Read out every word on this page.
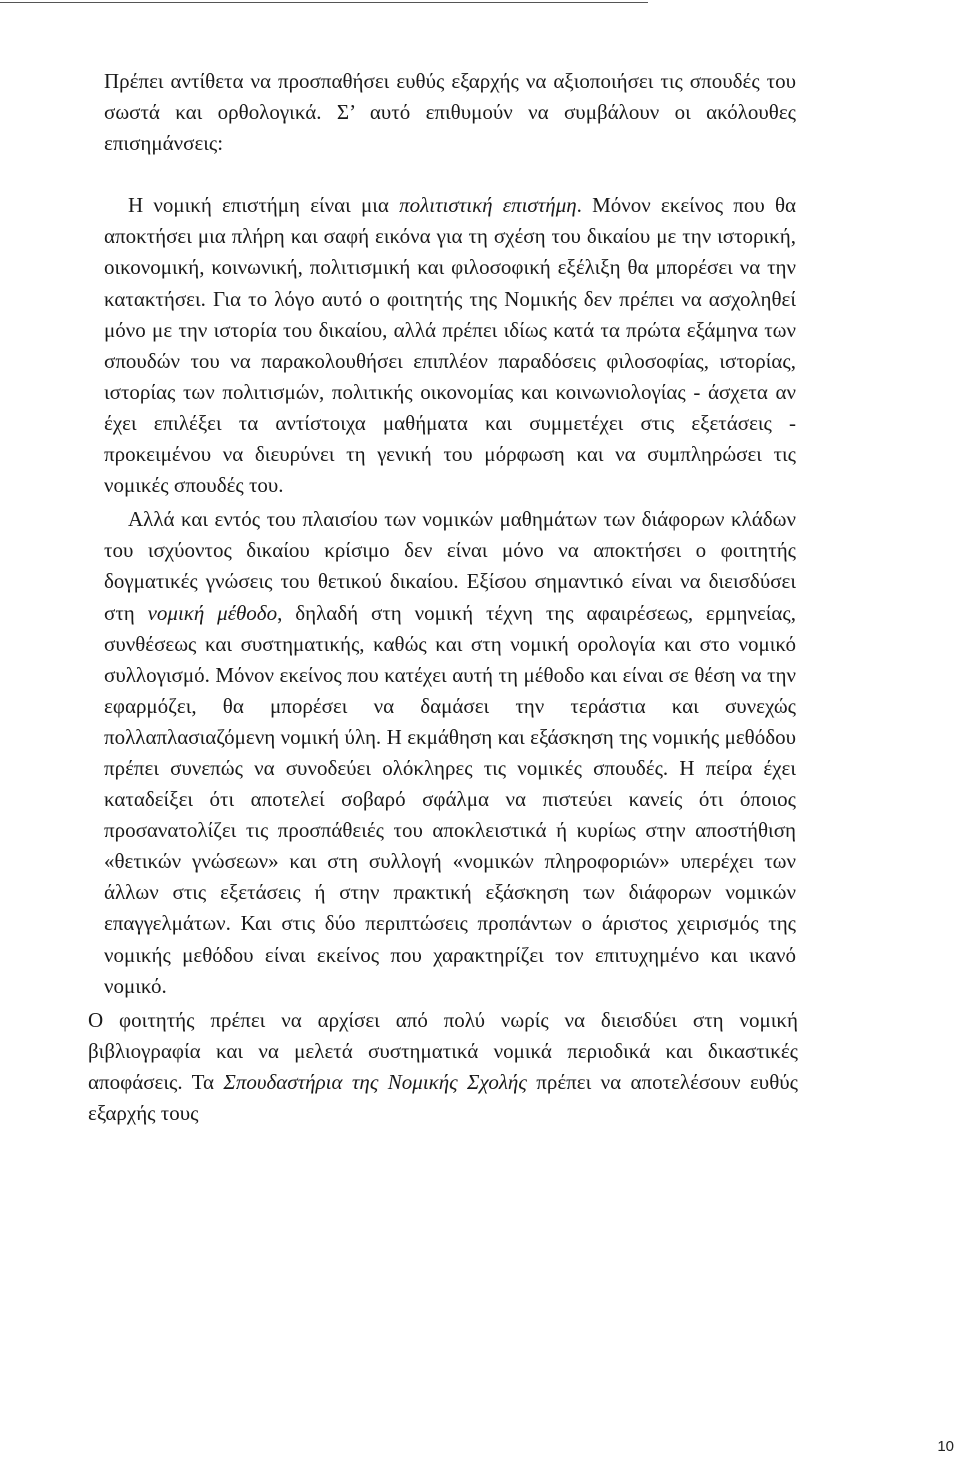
Πρέπει αντίθετα να προσπαθήσει ευθύς εξαρχής να αξιοποιήσει τις σπουδές του σωστά και ορθολογικά. Σ’ αυτό επιθυμούν να συμβάλουν οι ακόλουθες επισημάνσεις:

Η νομική επιστήμη είναι μια πολιτιστική επιστήμη. Μόνον εκείνος που θα αποκτήσει μια πλήρη και σαφή εικόνα για τη σχέση του δικαίου με την ιστορική, οικονομική, κοινωνική, πολιτισμική και φιλοσοφική εξέλιξη θα μπορέσει να την κατακτήσει. Για το λόγο αυτό ο φοιτητής της Νομικής δεν πρέπει να ασχοληθεί μόνο με την ιστορία του δικαίου, αλλά πρέπει ιδίως κατά τα πρώτα εξάμηνα των σπουδών του να παρακολουθήσει επιπλέον παραδόσεις φιλοσοφίας, ιστορίας, ιστορίας των πολιτισμών, πολιτικής οικονομίας και κοινωνιολογίας - άσχετα αν έχει επιλέξει τα αντίστοιχα μαθήματα και συμμετέχει στις εξετάσεις - προκειμένου να διευρύνει τη γενική του μόρφωση και να συμπληρώσει τις νομικές σπουδές του.

Αλλά και εντός του πλαισίου των νομικών μαθημάτων των διάφορων κλάδων του ισχύοντος δικαίου κρίσιμο δεν είναι μόνο να αποκτήσει ο φοιτητής δογματικές γνώσεις του θετικού δικαίου. Εξίσου σημαντικό είναι να διεισδύσει στη νομική μέθοδο, δηλαδή στη νομική τέχνη της αφαιρέσεως, ερμηνείας, συνθέσεως και συστηματικής, καθώς και στη νομική ορολογία και στο νομικό συλλογισμό. Μόνον εκείνος που κατέχει αυτή τη μέθοδο και είναι σε θέση να την εφαρμόζει, θα μπορέσει να δαμάσει την τεράστια και συνεχώς πολλαπλασιαζόμενη νομική ύλη. Η εκμάθηση και εξάσκηση της νομικής μεθόδου πρέπει συνεπώς να συνοδεύει ολόκληρες τις νομικές σπουδές. Η πείρα έχει καταδείξει ότι αποτελεί σοβαρό σφάλμα να πιστεύει κανείς ότι όποιος προσανατολίζει τις προσπάθειές του αποκλειστικά ή κυρίως στην αποστήθιση «θετικών γνώσεων» και στη συλλογή «νομικών πληροφοριών» υπερέχει των άλλων στις εξετάσεις ή στην πρακτική εξάσκηση των διάφορων νομικών επαγγελμάτων. Και στις δύο περιπτώσεις προπάντων ο άριστος χειρισμός της νομικής μεθόδου είναι εκείνος που χαρακτηρίζει τον επιτυχημένο και ικανό νομικό.

Ο φοιτητής πρέπει να αρχίσει από πολύ νωρίς να διεισδύει στη νομική βιβλιογραφία και να μελετά συστηματικά νομικά περιοδικά και δικαστικές αποφάσεις. Τα Σπουδαστήρια της Νομικής Σχολής πρέπει να αποτελέσουν ευθύς εξαρχής τους

10
